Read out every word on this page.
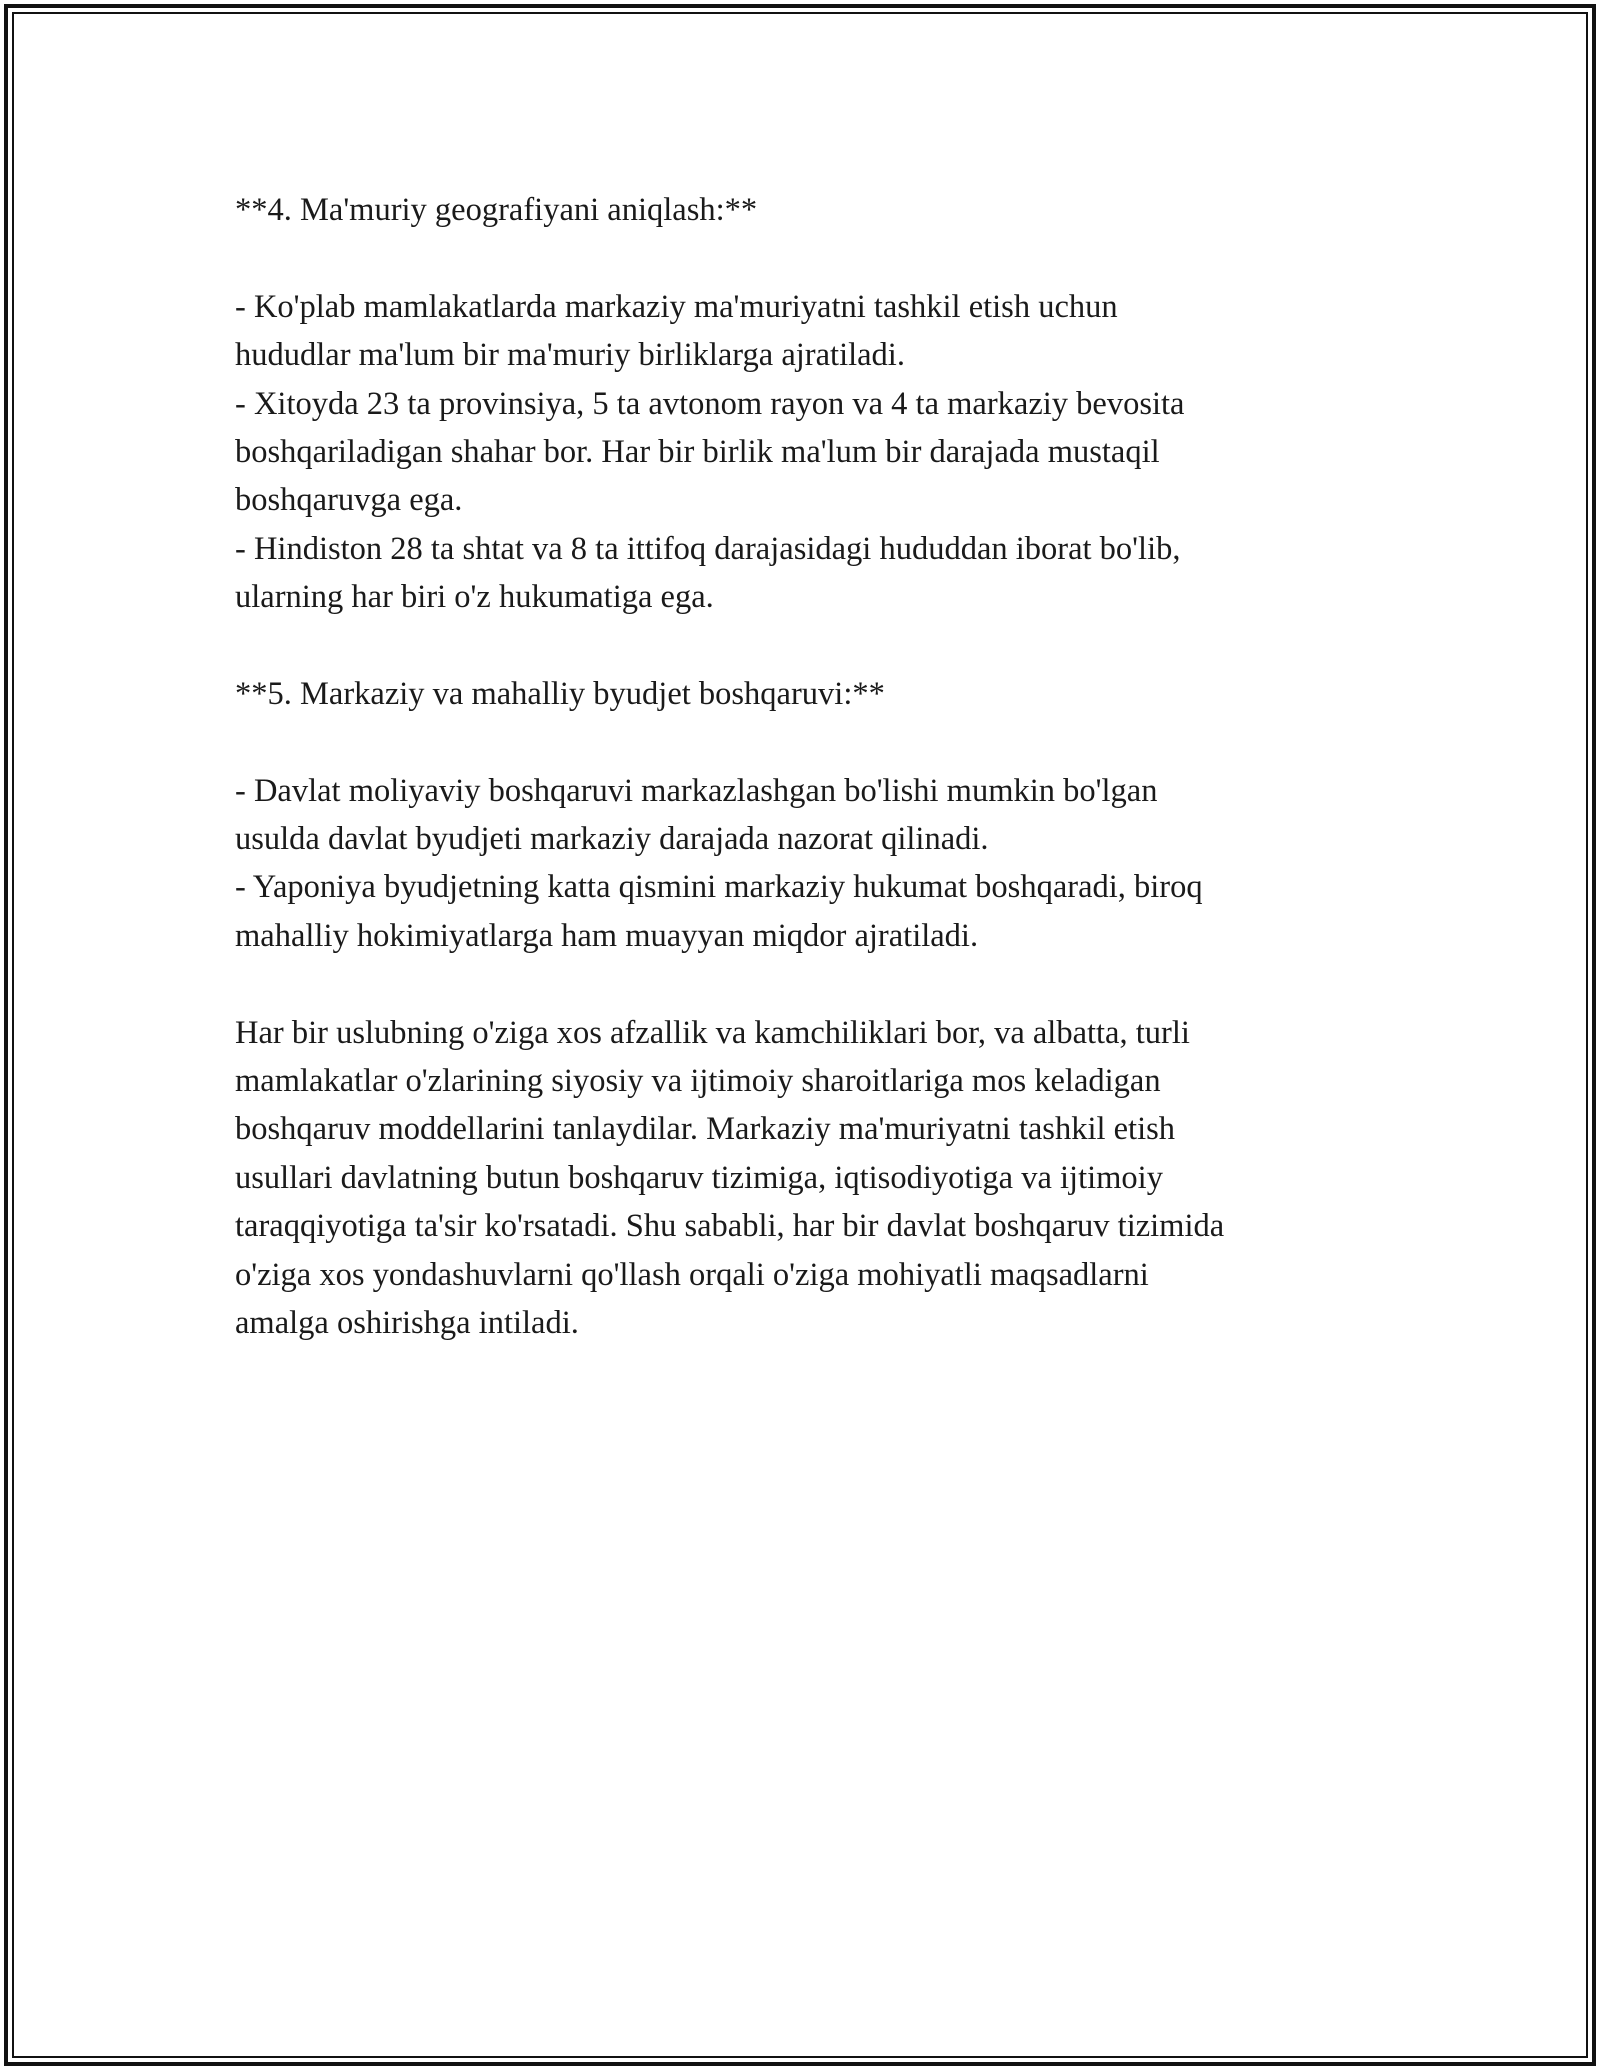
**4. Ma'muriy geografiyani aniqlash:**
- Ko'plab mamlakatlarda markaziy ma'muriyatni tashkil etish uchun
hududlar ma'lum bir ma'muriy birliklarga ajratiladi.
- Xitoyda 23 ta provinsiya, 5 ta avtonom rayon va 4 ta markaziy bevosita
boshqariladigan shahar bor. Har bir birlik ma'lum bir darajada mustaqil
boshqaruvga ega.
- Hindiston 28 ta shtat va 8 ta ittifoq darajasidagi hududdan iborat bo'lib,
ularning har biri o'z hukumatiga ega.
**5. Markaziy va mahalliy byudjet boshqaruvi:**
- Davlat moliyaviy boshqaruvi markazlashgan bo'lishi mumkin bo'lgan
usulda davlat byudjeti markaziy darajada nazorat qilinadi.
- Yaponiya byudjetning katta qismini markaziy hukumat boshqaradi, biroq
mahalliy hokimiyatlarga ham muayyan miqdor ajratiladi.
Har bir uslubning o'ziga xos afzallik va kamchiliklari bor, va albatta, turli
mamlakatlar o'zlarining siyosiy va ijtimoiy sharoitlariga mos keladigan
boshqaruv moddellarini tanlaydilar. Markaziy ma'muriyatni tashkil etish
usullari davlatning butun boshqaruv tizimiga, iqtisodiyotiga va ijtimoiy
taraqqiyotiga ta'sir ko'rsatadi. Shu sababli, har bir davlat boshqaruv tizimida
o'ziga xos yondashuvlarni qo'llash orqali o'ziga mohiyatli maqsadlarni
amalga oshirishga intiladi.
